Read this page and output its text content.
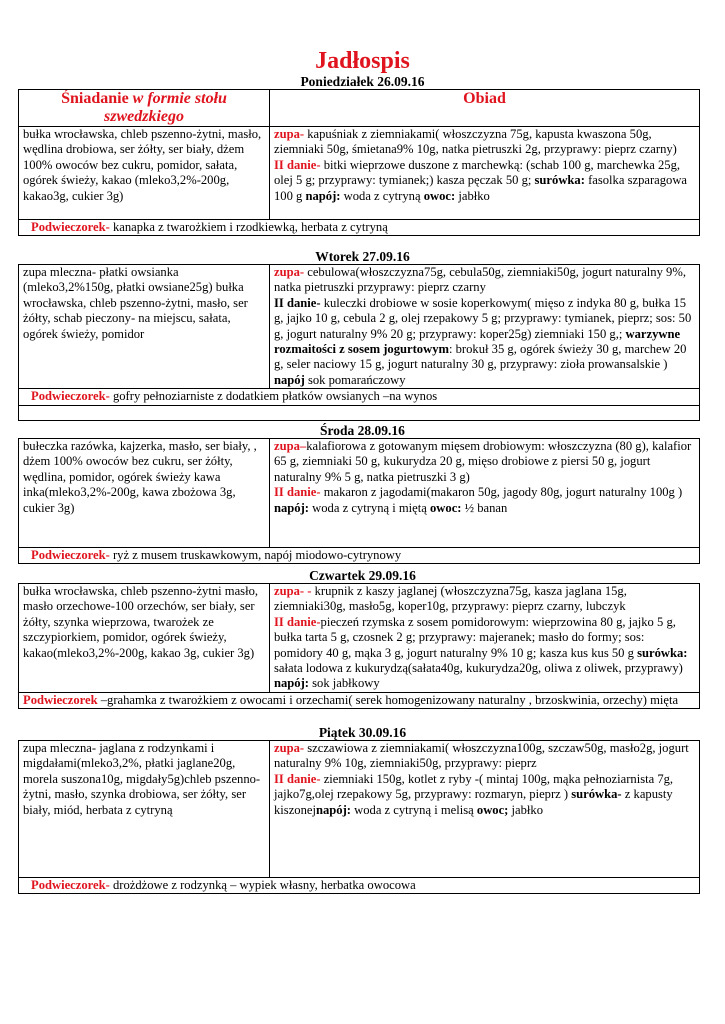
Jadłospis
Poniedziałek 26.09.16
Śniadanie w formie stołu szwedzkiego	Obiad
bułka wrocławska, chleb pszenno-żytni, masło, wędlina drobiowa, ser żółty, ser biały, dżem 100% owoców bez cukru, pomidor, sałata, ogórek świeży, kakao (mleko3,2%-200g, kakao3g, cukier 3g)	zupa- kapuśniak z ziemniakami( włoszczyzna 75g, kapusta kwaszona 50g, ziemniaki 50g, śmietana9% 10g, natka pietruszki 2g, przyprawy: pieprz czarny)
II danie- bitki wieprzowe duszone z marchewką: (schab 100 g, marchewka 25g, olej 5 g; przyprawy: tymianek;) kasza pęczak 50 g; surówka: fasolka szparagowa 100 g napój: woda z cytryną owoc: jabłko
Podwieczorek- kanapka z twarożkiem i rzodkiewką, herbata z cytryną	
Wtorek 27.09.16
zupa mleczna- płatki owsianka (mleko3,2%150g, płatki owsiane25g) bułka wrocławska, chleb pszenno-żytni, masło, ser żółty, schab pieczony- na miejscu, sałata, ogórek świeży, pomidor	zupa- cebulowa(włoszczyzna75g, cebula50g, ziemniaki50g, jogurt naturalny 9%, natka pietruszki przyprawy: pieprz czarny
II danie- kuleczki drobiowe w sosie koperkowym( mięso z indyka 80 g, bułka 15 g, jajko 10 g, cebula 2 g, olej rzepakowy 5 g; przyprawy: tymianek, pieprz; sos: 50 g, jogurt naturalny 9% 20 g; przyprawy: koper25g) ziemniaki 150 g,; warzywne rozmaitości z sosem jogurtowym: brokuł 35 g, ogórek świeży 30 g, marchew 20 g, seler naciowy 15 g, jogurt naturalny 30 g, przyprawy: zioła prowansalskie ) napój sok pomarańczowy
Podwieczorek- gofry pełnoziarniste z dodatkiem płatków owsianych –na wynos

Środa 28.09.16
bułeczka razówka, kajzerka, masło, ser biały, , dżem 100% owoców bez cukru, ser żółty, wędlina, pomidor, ogórek świeży kawa inka(mleko3,2%-200g, kawa zbożowa 3g, cukier 3g)	zupa–kalafiorowa z gotowanym mięsem drobiowym: włoszczyzna (80 g), kalafior 65 g, ziemniaki 50 g, kukurydza 20 g, mięso drobiowe z piersi 50 g, jogurt naturalny 9% 5 g, natka pietruszki 3 g)
II danie- makaron z jagodami(makaron 50g, jagody 80g, jogurt naturalny 100g ) napój: woda z cytryną i miętą owoc: ½ banan
Podwieczorek- ryż z musem truskawkowym, napój miodowo-cytrynowy
Czwartek 29.09.16
bułka wrocławska, chleb pszenno-żytni masło, masło orzechowe-100 orzechów, ser biały, ser żółty, szynka wieprzowa, twarożek ze szczypiorkiem, pomidor, ogórek świeży, kakao(mleko3,2%-200g, kakao 3g, cukier 3g)	zupa- - krupnik z kaszy jaglanej (włoszczyzna75g, kasza jaglana 15g, ziemniaki30g, masło5g, koper10g, przyprawy: pieprz czarny, lubczyk
II danie-pieczeń rzymska z sosem pomidorowym: wieprzowina 80 g, jajko 5 g, bułka tarta 5 g, czosnek 2 g; przyprawy: majeranek; masło do formy; sos: pomidory 40 g, mąka 3 g, jogurt naturalny 9% 10 g; kasza kus kus 50 g surówka: sałata lodowa z kukurydzą(sałata40g, kukurydza20g, oliwa z oliwek, przyprawy) napój: sok jabłkowy
Podwieczorek –grahamka z twarożkiem z owocami i orzechami( serek homogenizowany naturalny , brzoskwinia, orzechy) mięta
Piątek 30.09.16
zupa mleczna- jaglana z rodzynkami i migdałami(mleko3,2%, płatki jaglane20g, morela suszona10g, migdały5g)chleb pszenno-żytni, masło, szynka drobiowa, ser żółty, ser biały, miód, herbata z cytryną	zupa- szczawiowa z ziemniakami( włoszczyzna100g, szczaw50g, masło2g, jogurt naturalny 9% 10g, ziemniaki50g, przyprawy: pieprz
II danie- ziemniaki 150g, kotlet z ryby -( mintaj 100g, mąka pełnoziarnista 7g, jajko7g,olej rzepakowy 5g, przyprawy: rozmaryn, pieprz ) surówka- z kapusty kiszonejnapój: woda z cytryną i melisą owoc; jabłko
Podwieczorek- drożdżowe z rodzynką – wypiek własny, herbatka owocowa
